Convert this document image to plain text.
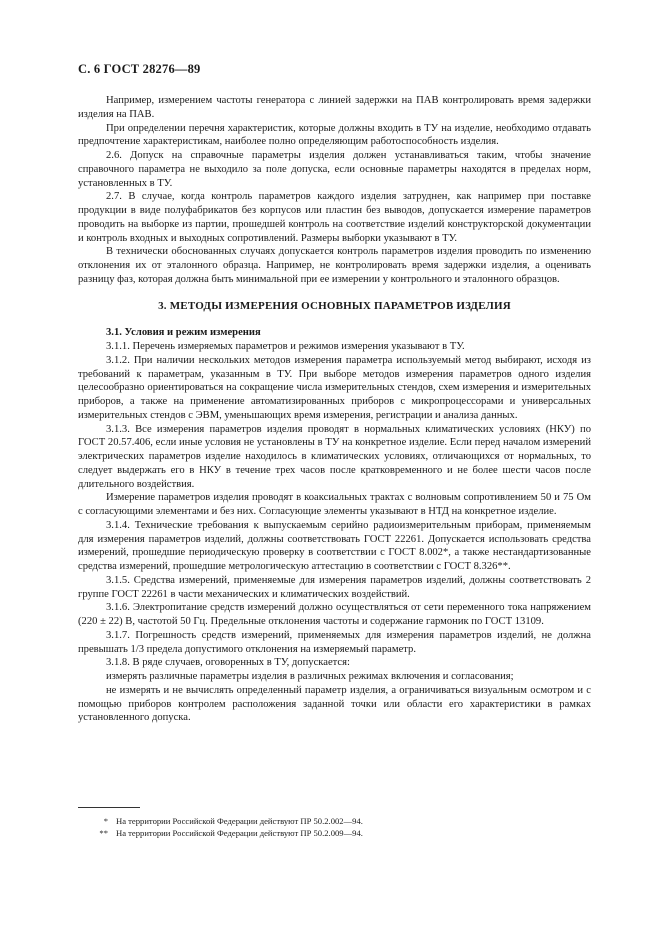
С. 6 ГОСТ 28276—89

Например, измерением частоты генератора с линией задержки на ПАВ контролировать время задержки изделия на ПАВ.

При определении перечня характеристик, которые должны входить в ТУ на изделие, необходимо отдавать предпочтение характеристикам, наиболее полно определяющим работоспособность изделия.

2.6. Допуск на справочные параметры изделия должен устанавливаться таким, чтобы значение справочного параметра не выходило за поле допуска, если основные параметры находятся в пределах норм, установленных в ТУ.

2.7. В случае, когда контроль параметров каждого изделия затруднен, как например при поставке продукции в виде полуфабрикатов без корпусов или пластин без выводов, допускается измерение параметров проводить на выборке из партии, прошедшей контроль на соответствие изделий конструкторской документации и контроль входных и выходных сопротивлений. Размеры выборки указывают в ТУ.

В технически обоснованных случаях допускается контроль параметров изделия проводить по изменению отклонения их от эталонного образца. Например, не контролировать время задержки изделия, а оценивать разницу фаз, которая должна быть минимальной при ее измерении у контрольного и эталонного образцов.

3. МЕТОДЫ ИЗМЕРЕНИЯ ОСНОВНЫХ ПАРАМЕТРОВ ИЗДЕЛИЯ
3.1. Условия и режим измерения

3.1.1. Перечень измеряемых параметров и режимов измерения указывают в ТУ.

3.1.2. При наличии нескольких методов измерения параметра используемый метод выбирают, исходя из требований к параметрам, указанным в ТУ. При выборе методов измерения параметров одного изделия целесообразно ориентироваться на сокращение числа измерительных стендов, схем измерения и измерительных приборов, а также на применение автоматизированных приборов с микропроцессорами и универсальных измерительных стендов с ЭВМ, уменьшающих время измерения, регистрации и анализа данных.

3.1.3. Все измерения параметров изделия проводят в нормальных климатических условиях (НКУ) по ГОСТ 20.57.406, если иные условия не установлены в ТУ на конкретное изделие. Если перед началом измерений электрических параметров изделие находилось в климатических условиях, отличающихся от нормальных, то следует выдержать его в НКУ в течение трех часов после кратковременного и не более шести часов после длительного воздействия.

Измерение параметров изделия проводят в коаксиальных трактах с волновым сопротивлением 50 и 75 Ом с согласующими элементами и без них. Согласующие элементы указывают в НТД на конкретное изделие.

3.1.4. Технические требования к выпускаемым серийно радиоизмерительным приборам, применяемым для измерения параметров изделий, должны соответствовать ГОСТ 22261. Допускается использовать средства измерений, прошедшие периодическую проверку в соответствии с ГОСТ 8.002*, а также нестандартизованные средства измерений, прошедшие метрологическую аттестацию в соответствии с ГОСТ 8.326**.

3.1.5. Средства измерений, применяемые для измерения параметров изделий, должны соответствовать 2 группе ГОСТ 22261 в части механических и климатических воздействий.

3.1.6. Электропитание средств измерений должно осуществляться от сети переменного тока напряжением (220 ± 22) В, частотой 50 Гц. Предельные отклонения частоты и содержание гармоник по ГОСТ 13109.

3.1.7. Погрешность средств измерений, применяемых для измерения параметров изделий, не должна превышать 1/3 предела допустимого отклонения на измеряемый параметр.

3.1.8. В ряде случаев, оговоренных в ТУ, допускается:

измерять различные параметры изделия в различных режимах включения и согласования;

не измерять и не вычислять определенный параметр изделия, а ограничиваться визуальным осмотром и с помощью приборов контролем расположения заданной точки или области его характеристики в рамках установленного допуска.

* На территории Российской Федерации действуют ПР 50.2.002—94.
** На территории Российской Федерации действуют ПР 50.2.009—94.
